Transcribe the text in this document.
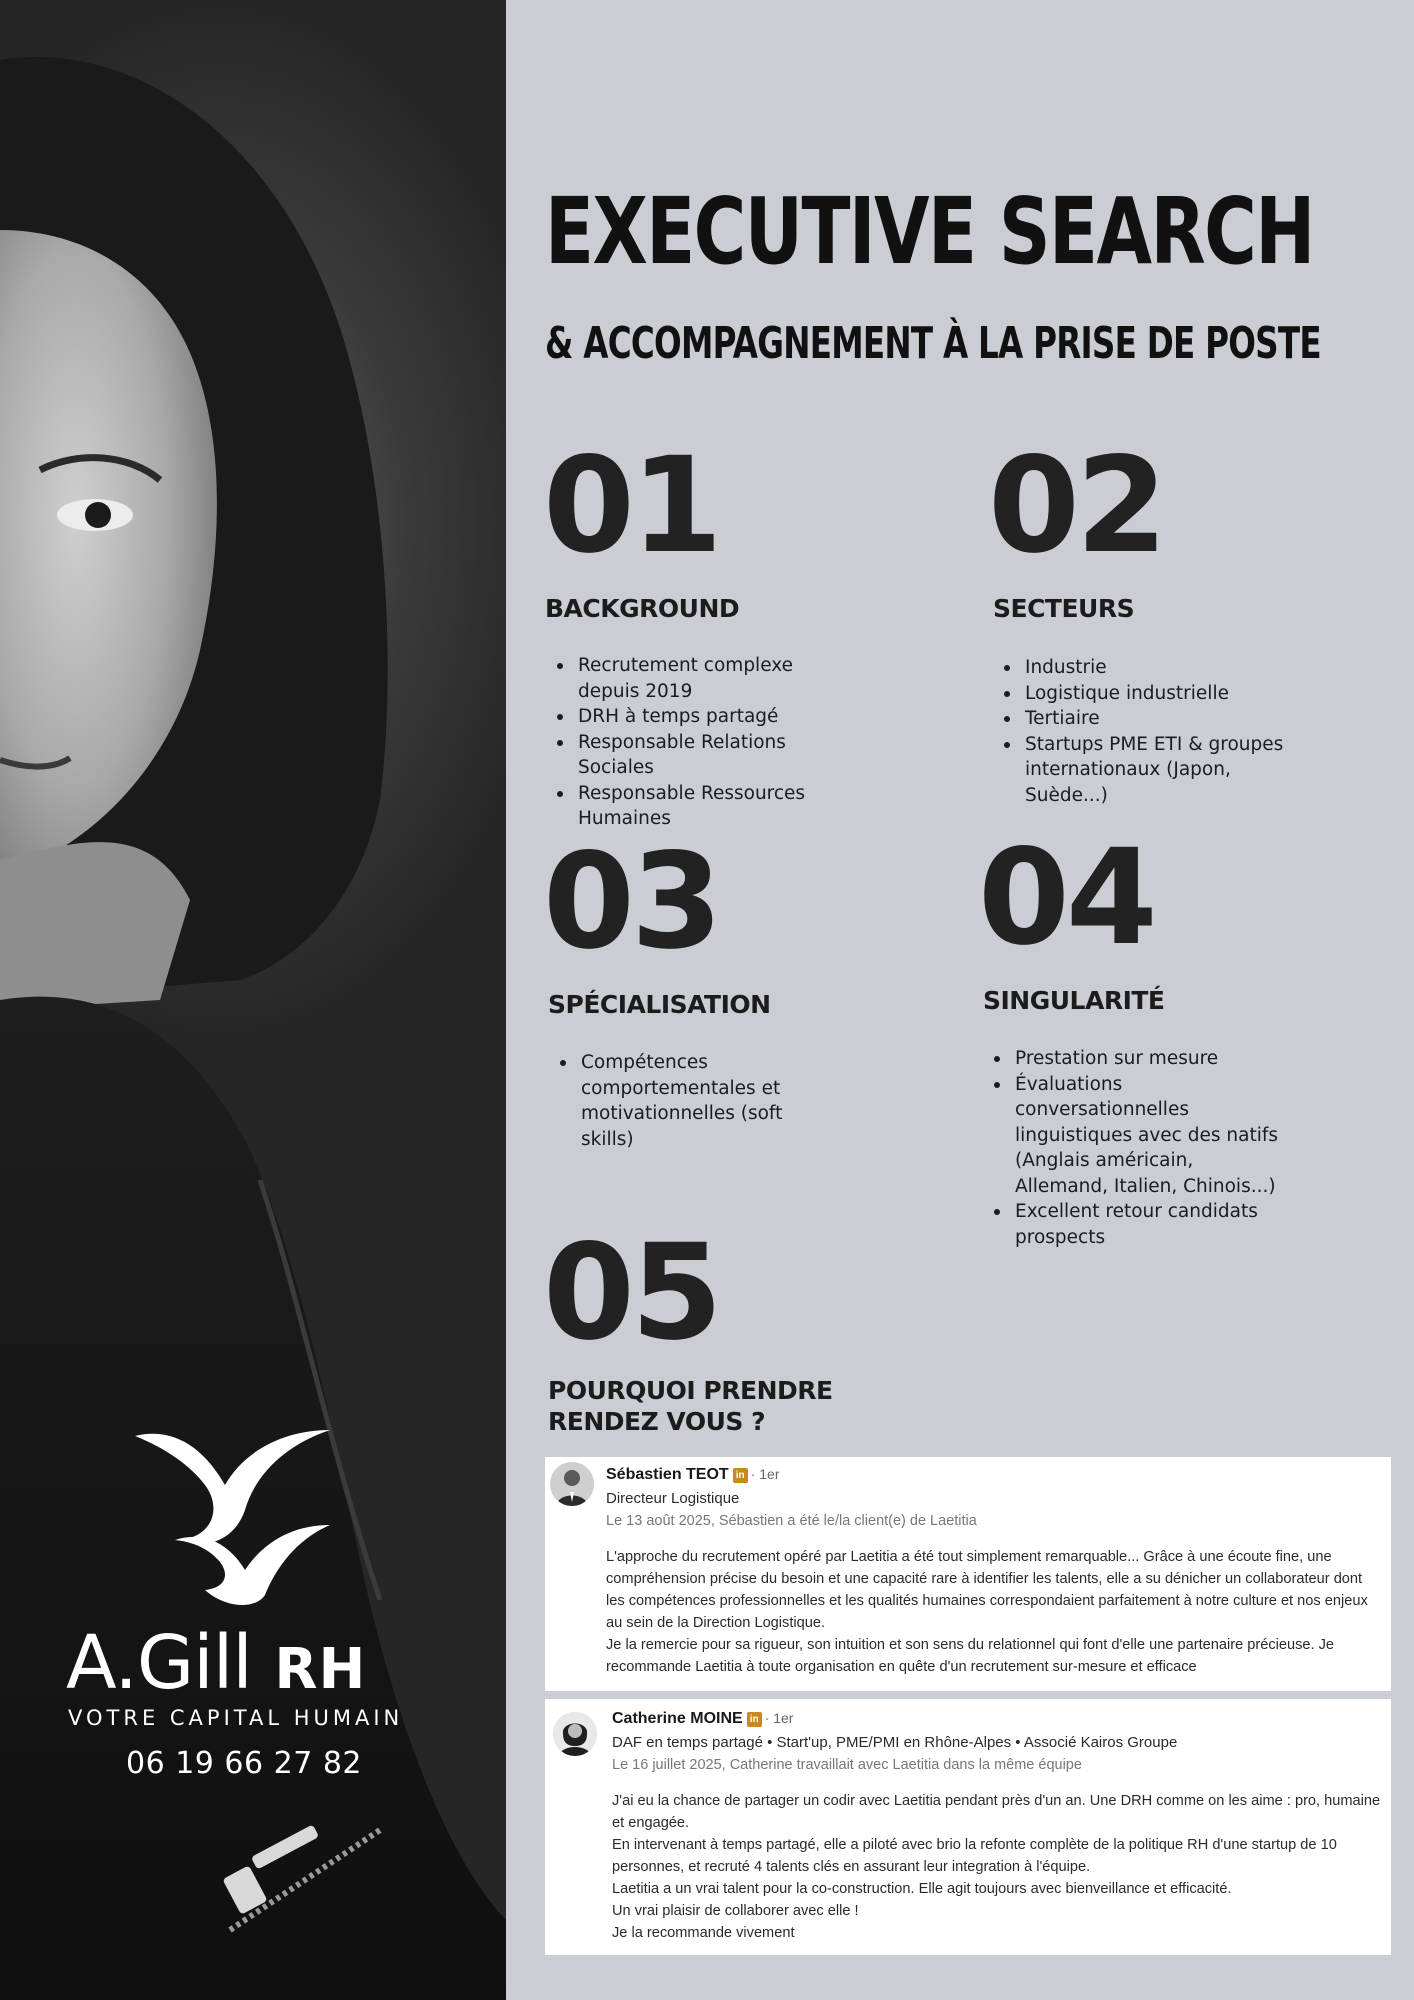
A.Gill RH
VOTRE CAPITAL HUMAIN
06 19 66 27 82
EXECUTIVE SEARCH
& ACCOMPAGNEMENT À LA PRISE DE POSTE
01
BACKGROUND
Recrutement complexe depuis 2019
DRH à temps partagé
Responsable Relations Sociales
Responsable Ressources Humaines
02
SECTEURS
Industrie
Logistique industrielle
Tertiaire
Startups PME ETI & groupes internationaux (Japon, Suède...)
03
SPÉCIALISATION
Compétences comportementales et motivationnelles (soft skills)
04
SINGULARITÉ
Prestation sur mesure
Évaluations conversationnelles linguistiques avec des natifs (Anglais américain, Allemand, Italien, Chinois...)
Excellent retour candidats prospects
05
POURQUOI PRENDRE RENDEZ VOUS ?
Sébastien TEOT in · 1er
Directeur Logistique
Le 13 août 2025, Sébastien a été le/la client(e) de Laetitia

L'approche du recrutement opéré par Laetitia a été tout simplement remarquable... Grâce à une écoute fine, une compréhension précise du besoin et une capacité rare à identifier les talents, elle a su dénicher un collaborateur dont les compétences professionnelles et les qualités humaines correspondaient parfaitement à notre culture et nos enjeux au sein de la Direction Logistique.

Je la remercie pour sa rigueur, son intuition et son sens du relationnel qui font d'elle une partenaire précieuse. Je recommande Laetitia à toute organisation en quête d'un recrutement sur-mesure et efficace

Catherine MOINE in · 1er
DAF en temps partagé • Start'up, PME/PMI en Rhône-Alpes • Associé Kairos Groupe
Le 16 juillet 2025, Catherine travaillait avec Laetitia dans la même équipe

J'ai eu la chance de partager un codir avec Laetitia pendant près d'un an. Une DRH comme on les aime : pro, humaine et engagée.

En intervenant à temps partagé, elle a piloté avec brio la refonte complète de la politique RH d'une startup de 10 personnes, et recruté 4 talents clés en assurant leur integration à l'équipe.

Laetitia a un vrai talent pour la co-construction. Elle agit toujours avec bienveillance et efficacité.

Un vrai plaisir de collaborer avec elle !

Je la recommande vivement
